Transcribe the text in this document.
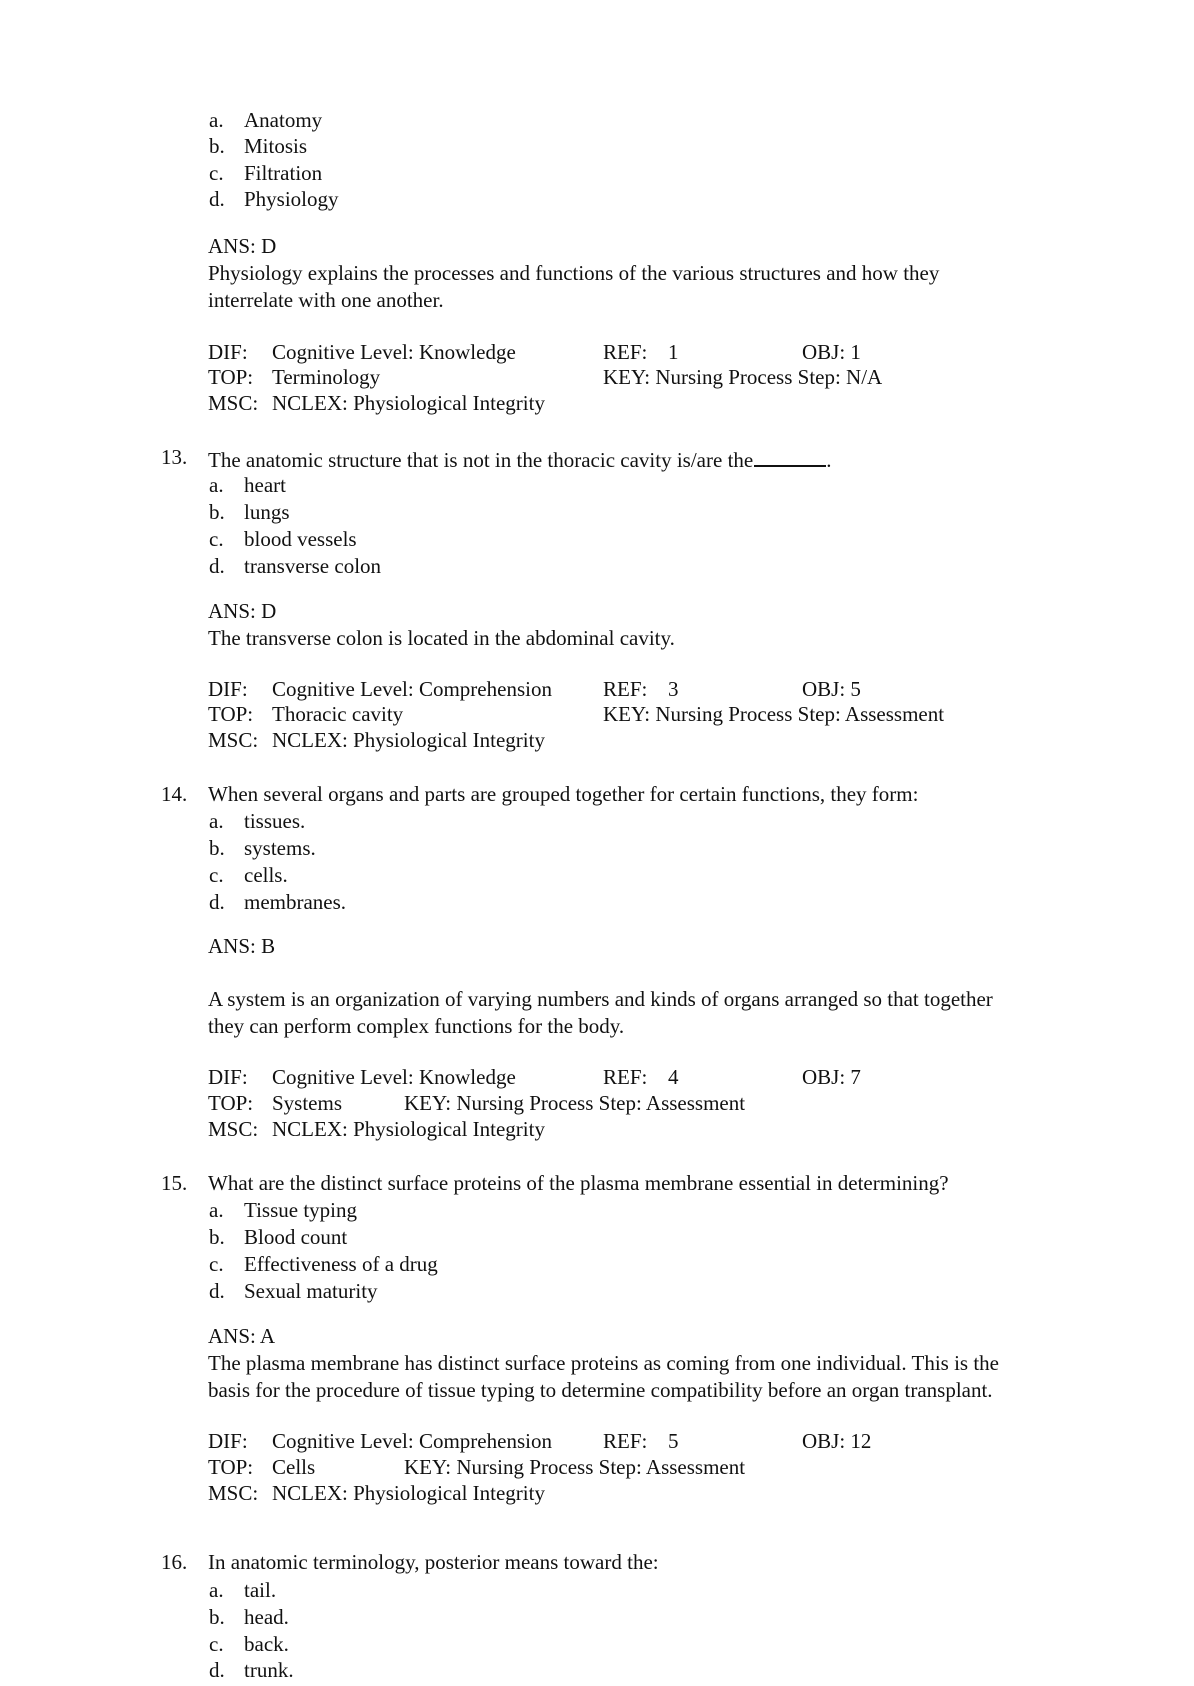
a. Anatomy
b. Mitosis
c. Filtration
d. Physiology
ANS: D
Physiology explains the processes and functions of the various structures and how they
interrelate with one another.
DIF: Cognitive Level: Knowledge	REF: 1	OBJ: 1
TOP: Terminology	KEY: Nursing Process Step: N/A
MSC: NCLEX: Physiological Integrity
13. The anatomic structure that is not in the thoracic cavity is/are the	.
a. heart
b. lungs
c. blood vessels
d. transverse colon
ANS: D
The transverse colon is located in the abdominal cavity.
DIF: Cognitive Level: Comprehension REF: 3	OBJ: 5
TOP: Thoracic cavity	KEY: Nursing Process Step: Assessment
MSC: NCLEX: Physiological Integrity
14. When several organs and parts are grouped together for certain functions, they form:
a. tissues.
b. systems.
c. cells.
d. membranes.
ANS: B
A system is an organization of varying numbers and kinds of organs arranged so that together
they can perform complex functions for the body.
DIF: Cognitive Level: Knowledge	REF: 4	OBJ: 7
TOP: Systems	KEY: Nursing Process Step: Assessment
MSC: NCLEX: Physiological Integrity
15. What are the distinct surface proteins of the plasma membrane essential in determining?
a. Tissue typing
b. Blood count
c. Effectiveness of a drug
d. Sexual maturity
ANS: A
The plasma membrane has distinct surface proteins as coming from one individual. This is the
basis for the procedure of tissue typing to determine compatibility before an organ transplant.
DIF: Cognitive Level: Comprehension REF: 5	OBJ: 12
TOP: Cells	KEY: Nursing Process Step: Assessment
MSC: NCLEX: Physiological Integrity
16. In anatomic terminology, posterior means toward the:
a. tail.
b. head.
c. back.
d. trunk.
